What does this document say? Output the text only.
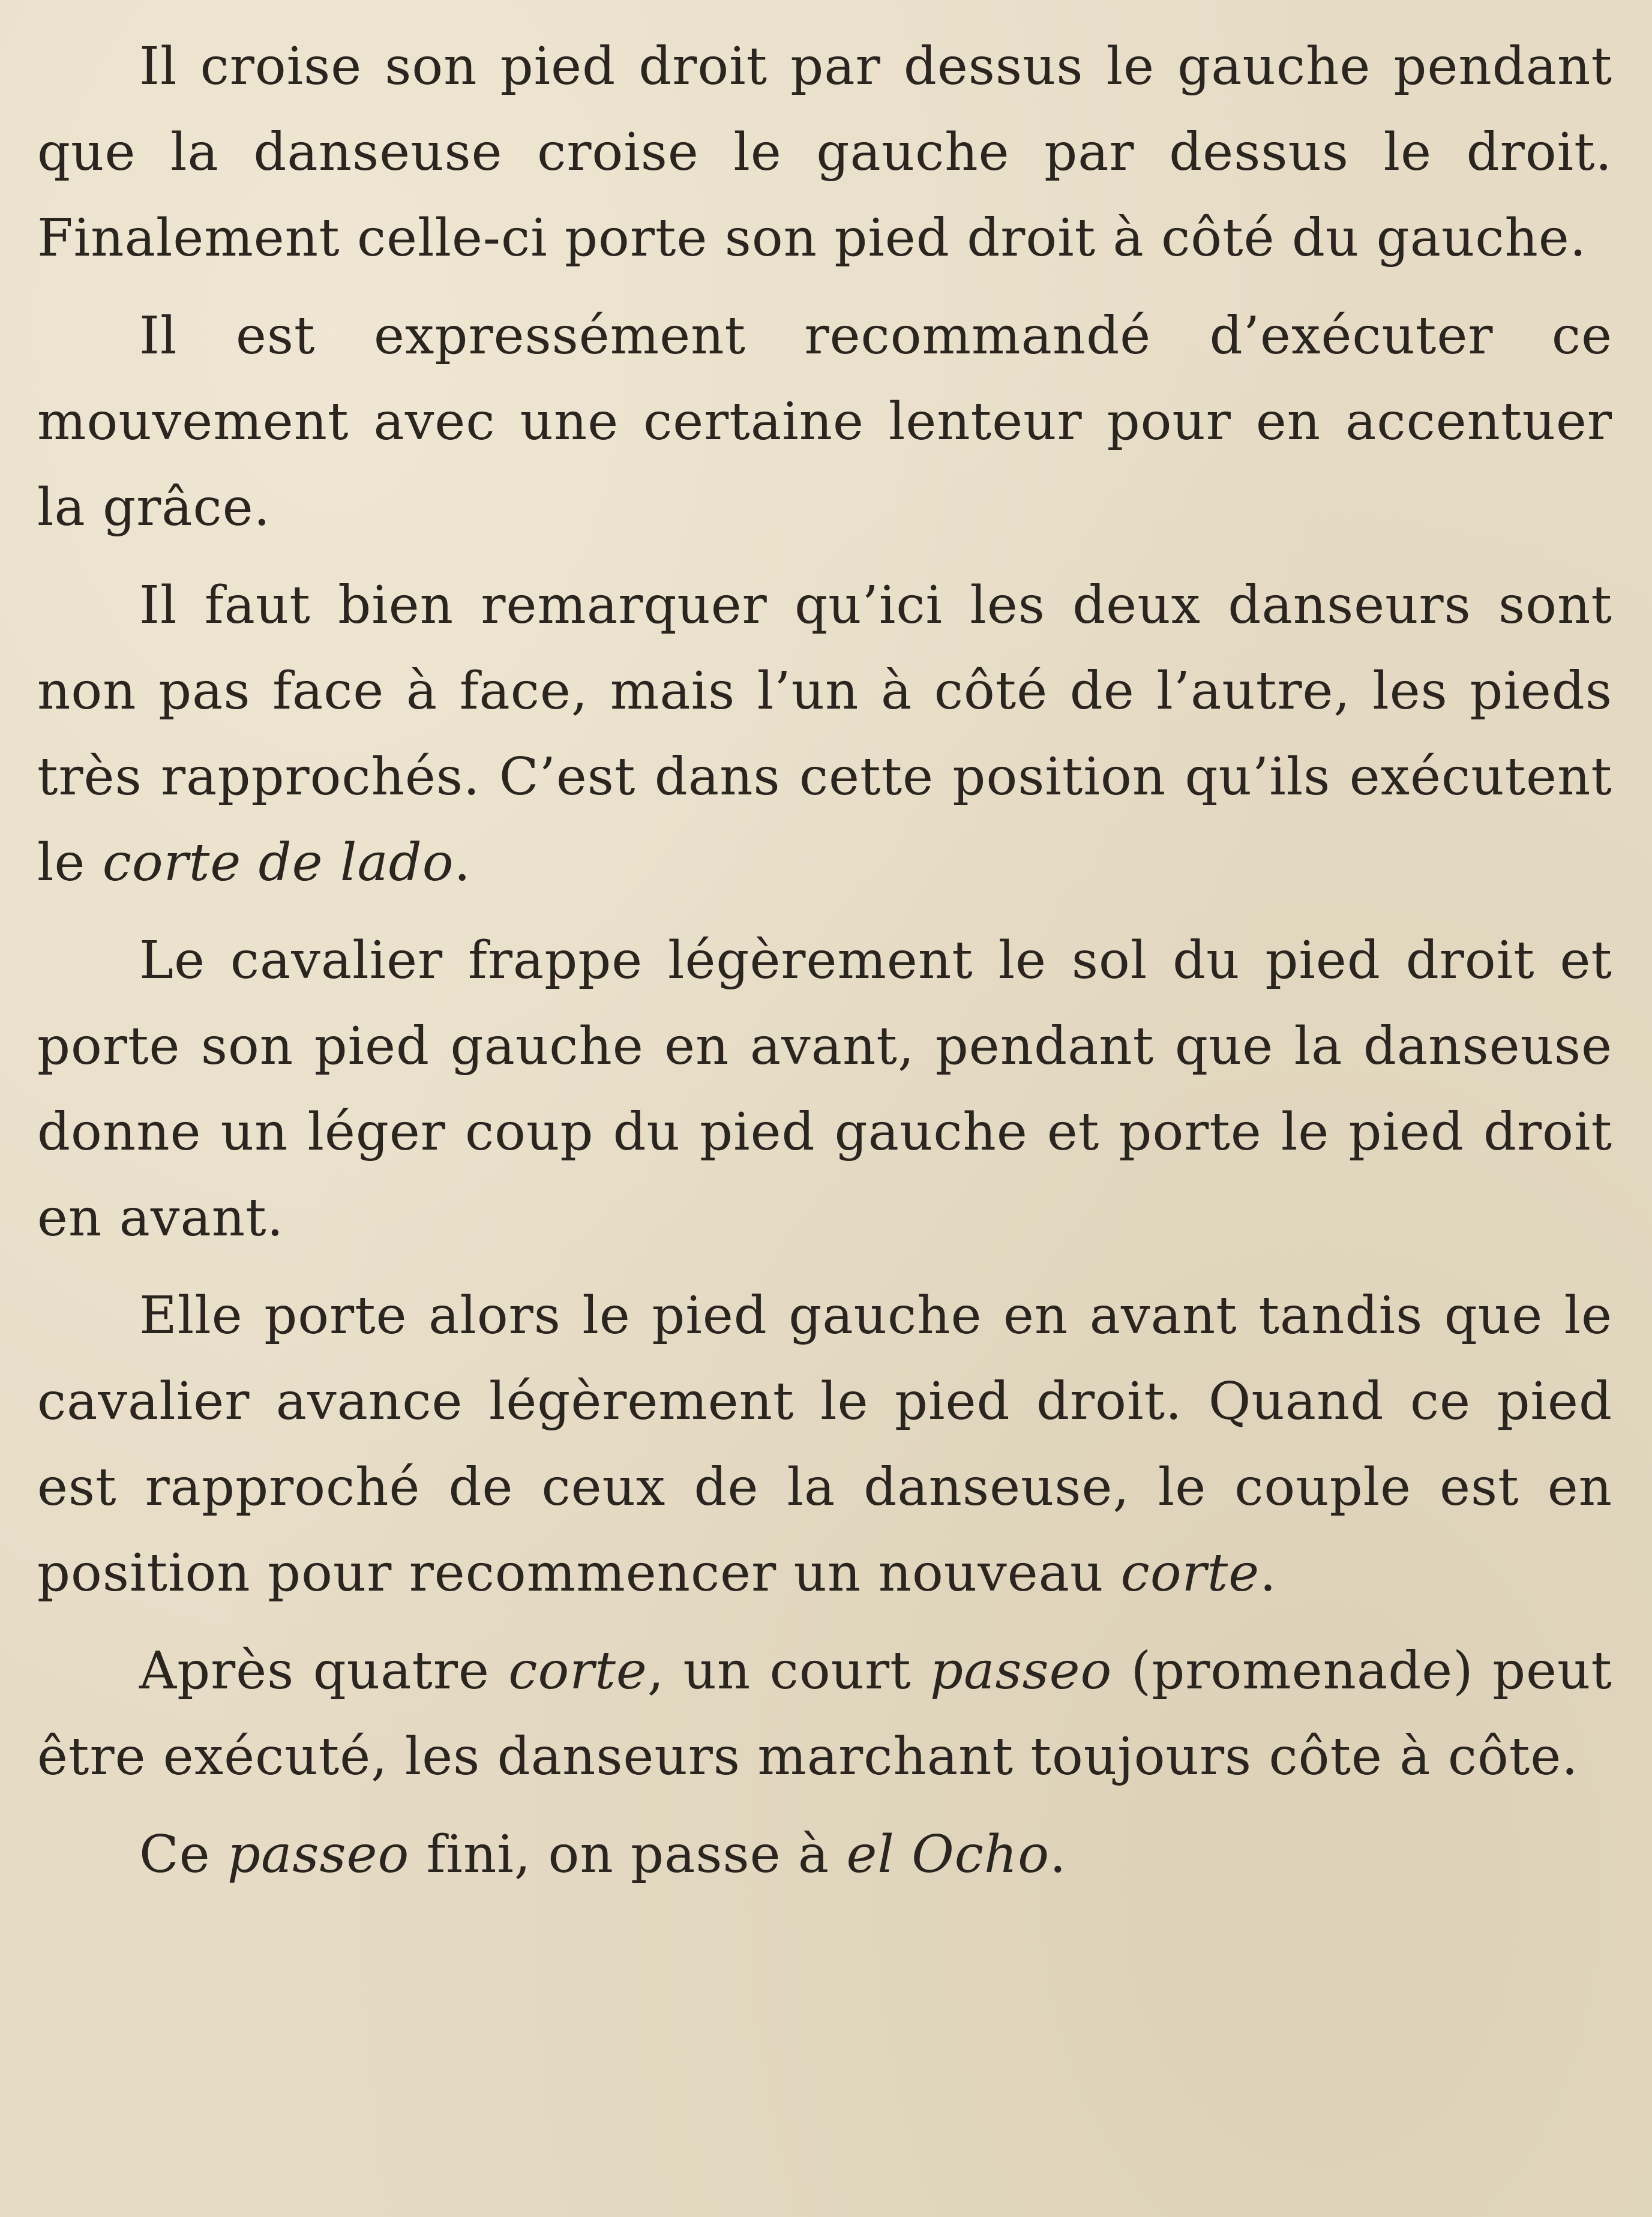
Il croise son pied droit par dessus le gauche pendant que la danseuse croise le gauche par dessus le droit. Finalement celle-ci porte son pied droit à côté du gauche.

Il est expressément recommandé d’exécuter ce mouvement avec une certaine lenteur pour en accentuer la grâce.

Il faut bien remarquer qu’ici les deux danseurs sont non pas face à face, mais l’un à côté de l’autre, les pieds très rapprochés. C’est dans cette position qu’ils exécutent le corte de lado.

Le cavalier frappe légèrement le sol du pied droit et porte son pied gauche en avant, pendant que la danseuse donne un léger coup du pied gauche et porte le pied droit en avant.

Elle porte alors le pied gauche en avant tandis que le cavalier avance légèrement le pied droit. Quand ce pied est rapproché de ceux de la danseuse, le couple est en position pour recommencer un nouveau corte.

Après quatre corte, un court passeo (promenade) peut être exécuté, les danseurs marchant toujours côte à côte.

Ce passeo fini, on passe à el Ocho.
